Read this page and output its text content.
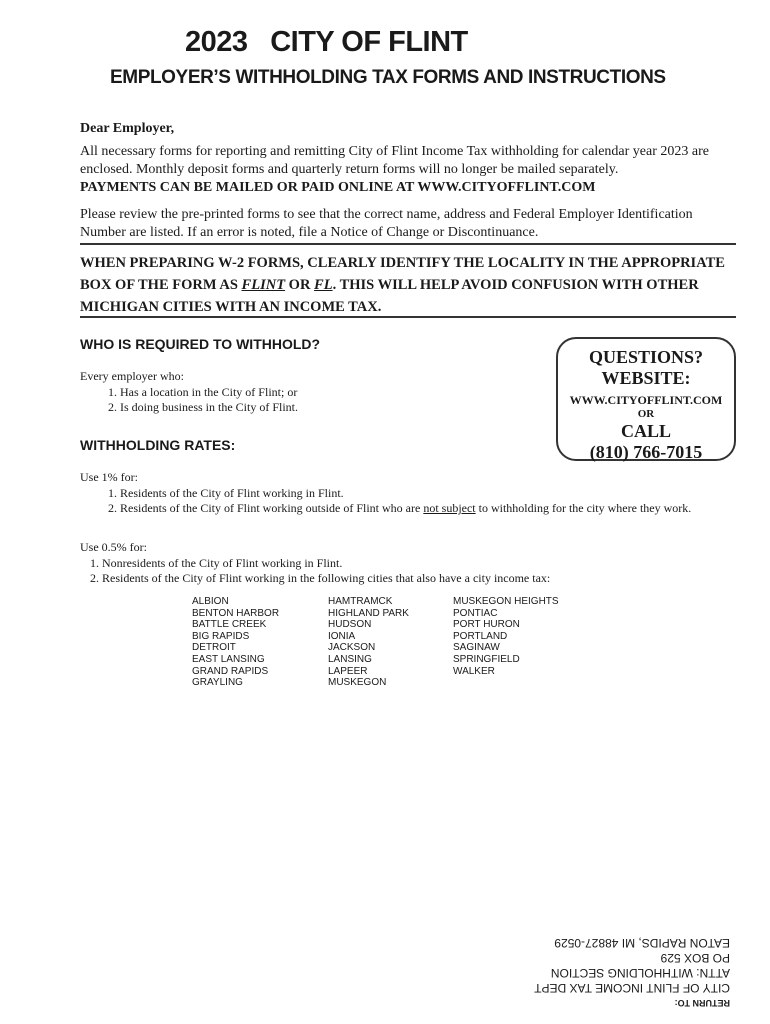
2023 CITY OF FLINT
EMPLOYER’S WITHHOLDING TAX FORMS AND INSTRUCTIONS
Dear Employer,
All necessary forms for reporting and remitting City of Flint Income Tax withholding for calendar year 2023 are enclosed. Monthly deposit forms and quarterly return forms will no longer be mailed separately.
PAYMENTS CAN BE MAILED OR PAID ONLINE AT WWW.CITYOFFLINT.COM
Please review the pre-printed forms to see that the correct name, address and Federal Employer Identification Number are listed. If an error is noted, file a Notice of Change or Discontinuance.
WHEN PREPARING W-2 FORMS, CLEARLY IDENTIFY THE LOCALITY IN THE APPROPRIATE BOX OF THE FORM AS FLINT OR FL. THIS WILL HELP AVOID CONFUSION WITH OTHER MICHIGAN CITIES WITH AN INCOME TAX.
WHO IS REQUIRED TO WITHHOLD?
Every employer who:
1. Has a location in the City of Flint; or
2. Is doing business in the City of Flint.
QUESTIONS?
WEBSITE:
WWW.CITYOFFLINT.COM
OR
CALL
(810) 766-7015
WITHHOLDING RATES:
Use 1% for:
1. Residents of the City of Flint working in Flint.
2. Residents of the City of Flint working outside of Flint who are not subject to withholding for the city where they work.
Use 0.5% for:
1. Nonresidents of the City of Flint working in Flint.
2. Residents of the City of Flint working in the following cities that also have a city income tax:
ALBION
BENTON HARBOR
BATTLE CREEK
BIG RAPIDS
DETROIT
EAST LANSING
GRAND RAPIDS
GRAYLING
HAMTRAMCK
HIGHLAND PARK
HUDSON
IONIA
JACKSON
LANSING
LAPEER
MUSKEGON
MUSKEGON HEIGHTS
PONTIAC
PORT HURON
PORTLAND
SAGINAW
SPRINGFIELD
WALKER
RETURN TO:
CITY OF FLINT INCOME TAX DEPT
ATTN: WITHHOLDING SECTION
PO BOX 529
EATON RAPIDS, MI 48827-0529
